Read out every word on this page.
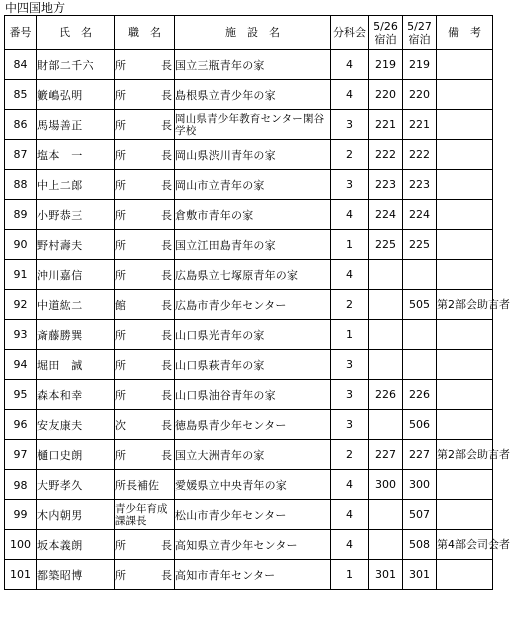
中四国地方
番号	氏　名	職　名	施　設　名	分科会	5/26宿泊	5/27宿泊	備　考
84	財部二千六	所 長	国立三瓶青年の家	4	219	219	
85	籔嶋弘明	所 長	島根県立青少年の家	4	220	220	
86	馬場善正	所 長	岡山県青少年教育センター閑谷学校	3	221	221	
87	塩本　一	所 長	岡山県渋川青年の家	2	222	222	
88	中上二郎	所 長	岡山市立青年の家	3	223	223	
89	小野恭三	所 長	倉敷市青年の家	4	224	224	
90	野村壽夫	所 長	国立江田島青年の家	1	225	225	
91	沖川嘉信	所 長	広島県立七塚原青年の家	4			
92	中道紘二	館 長	広島市青少年センター	2		505	第2部会助言者
93	斎藤勝巽	所 長	山口県光青年の家	1			
94	堀田　誠	所 長	山口県萩青年の家	3			
95	森本和幸	所 長	山口県油谷青年の家	3	226	226	
96	安友康夫	次 長	徳島県青少年センター	3		506	
97	樋口史朗	所 長	国立大洲青年の家	2	227	227	第2部会助言者

98	大野孝久	所長補佐	愛媛県立中央青年の家	4	300	300	
99	木内朝男	青少年育成課課長	松山市青少年センター	4		507	
100	坂本義朗	所 長	高知県立青少年センター	4		508	第4部会司会者
101	都築昭博	所 長	高知市青年センター	1	301	301	
